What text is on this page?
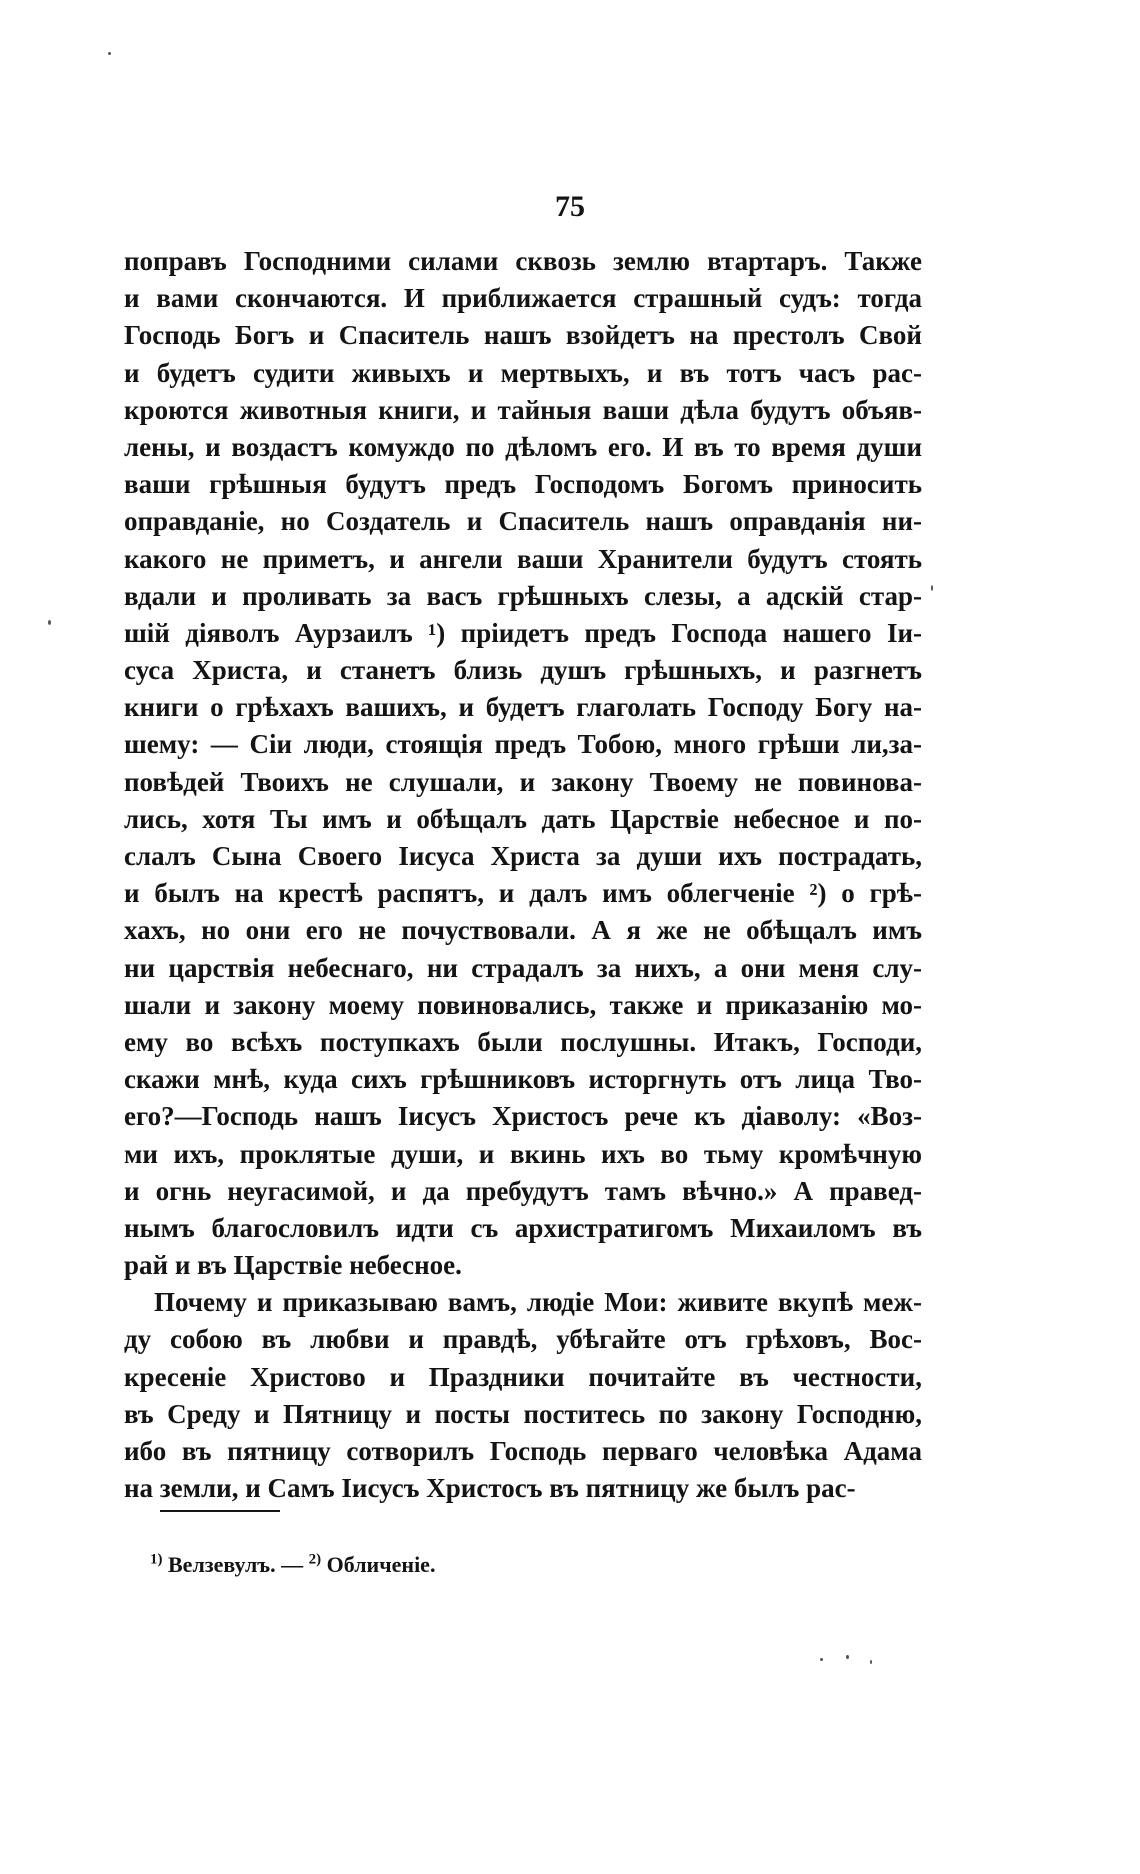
75
поправъ Господними силами сквозь землю втартаръ. Также
и вами скончаются. И приближается страшный судъ: тогда
Господь Богъ и Спаситель нашъ взойдетъ на престолъ Свой
и будетъ судити живыхъ и мертвыхъ, и въ тотъ часъ рас-
кроются животныя книги, и тайныя ваши дѣла будутъ объяв-
лены, и воздастъ комуждо по дѣломъ его. И въ то время души
ваши грѣшныя будутъ предъ Господомъ Богомъ приносить
оправданіе, но Создатель и Спаситель нашъ оправданія ни-
какого не приметъ, и ангели ваши Хранители будутъ стоять
вдали и проливать за васъ грѣшныхъ слезы, а адскій стар-
шій діяволъ Аурзаилъ ¹) пріидетъ предъ Господа нашего Іи-
суса Христа, и станетъ близь душъ грѣшныхъ, и разгнетъ
книги о грѣхахъ вашихъ, и будетъ глаголать Господу Богу на-
шему: — Сіи люди, стоящія предъ Тобою, много грѣши ли,за-
повѣдей Твоихъ не слушали, и закону Твоему не повинова-
лись, хотя Ты имъ и обѣщалъ дать Царствіе небесное и по-
слалъ Сына Своего Іисуса Христа за души ихъ пострадать,
и былъ на крестѣ распятъ, и далъ имъ облегченіе ²) о грѣ-
хахъ, но они его не почуствовали. А я же не обѣщалъ имъ
ни царствія небеснаго, ни страдалъ за нихъ, а они меня слу-
шали и закону моему повиновались, также и приказанію мо-
ему во всѣхъ поступкахъ были послушны. Итакъ, Господи,
скажи мнѣ, куда сихъ грѣшниковъ исторгнуть отъ лица Тво-
его?—Господь нашъ Іисусъ Христосъ рече къ діаволу: «Воз-
ми ихъ, проклятые души, и вкинь ихъ во тьму кромѣчную
и огнь неугасимой, и да пребудутъ тамъ вѣчно.» А правед-
нымъ благословилъ идти съ архистратигомъ Михаиломъ въ
рай и въ Царствіе небесное.
Почему и приказываю вамъ, людіе Мои: живите вкупѣ меж-
ду собою въ любви и правдѣ, убѣгайте отъ грѣховъ, Вос-
кресеніе Христово и Праздники почитайте въ честности,
въ Среду и Пятницу и посты поститесь по закону Господню,
ибо въ пятницу сотворилъ Господь перваго человѣка Адама
на земли, и Самъ Іисусъ Христосъ въ пятницу же былъ рас-
$^{1)}$ Велзевулъ. — $^{2)}$ Обличеніе.
